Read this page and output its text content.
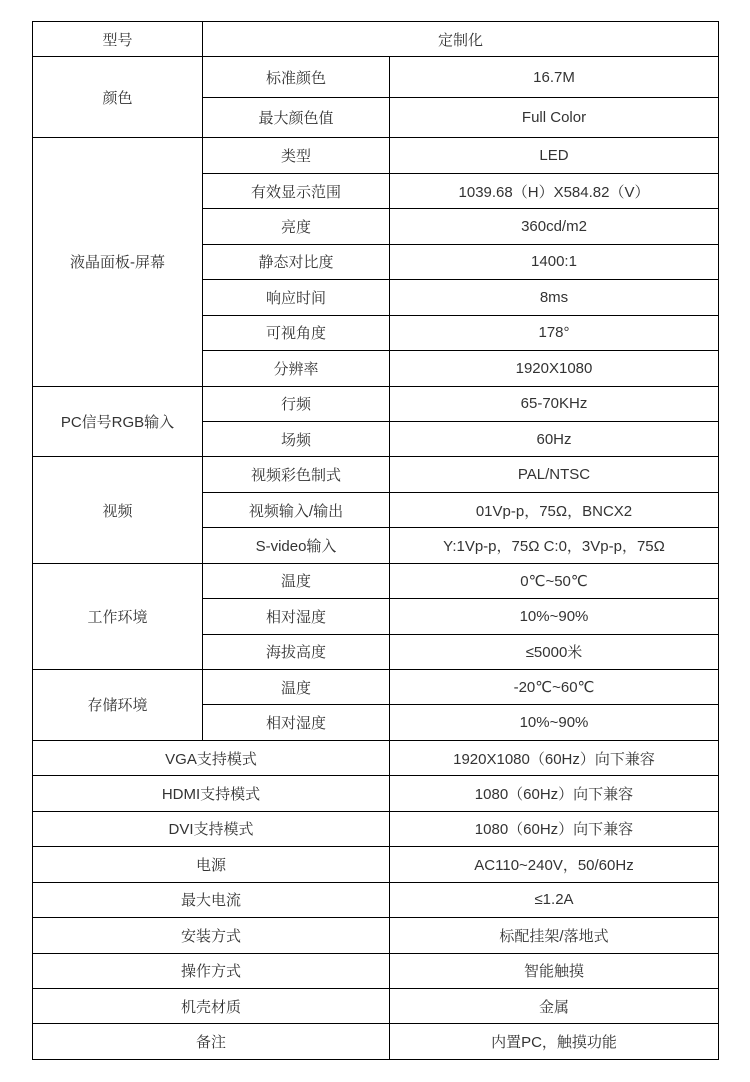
型号	定制化	
颜色	标准颜色	16.7M
	最大颜色值	Full Color
液晶面板-屏幕	类型	LED
	有效显示范围	1039.68（H）X584.82（V）
	亮度	360cd/m2
	静态对比度	1400:1
	响应时间	8ms
	可视角度	178°
	分辨率	1920X1080
PC信号RGB输入	行频	65-70KHz
	场频	60Hz
视频	视频彩色制式	PAL/NTSC
	视频输入/输出	01Vp-p，75Ω，BNCX2
	S-video输入	Y:1Vp-p，75Ω C:0，3Vp-p，75Ω
工作环境	温度	0℃~50℃
	相对湿度	10%~90%
	海拔高度	≤5000米
存储环境	温度	-20℃~60℃
	相对湿度	10%~90%
VGA支持模式		1920X1080（60Hz）向下兼容
HDMI支持模式		1080（60Hz）向下兼容
DVI支持模式		1080（60Hz）向下兼容
电源		AC110~240V，50/60Hz
最大电流		≤1.2A
安装方式		标配挂架/落地式
操作方式		智能触摸
机壳材质		金属
备注		内置PC，触摸功能
